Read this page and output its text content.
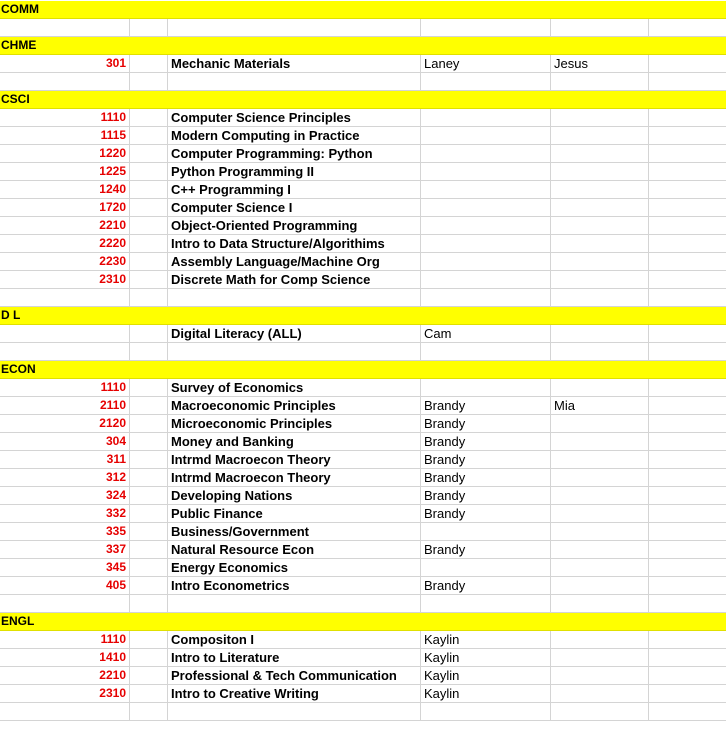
COMM
CHME
301	Mechanic Materials	Laney	Jesus
CSCI
1110	Computer Science Principles
1115	Modern Computing in Practice
1220	Computer Programming: Python
1225	Python Programming II
1240	C++ Programming I
1720	Computer Science I
2210	Object-Oriented Programming
2220	Intro to Data Structure/Algorithims
2230	Assembly Language/Machine Org
2310	Discrete Math for Comp Science
D L
Digital Literacy (ALL)	Cam
ECON
1110	Survey of Economics
2110	Macroeconomic Principles	Brandy	Mia
2120	Microeconomic Principles	Brandy
304	Money and Banking	Brandy
311	Intrmd Macroecon Theory	Brandy
312	Intrmd Macroecon Theory	Brandy
324	Developing Nations	Brandy
332	Public Finance	Brandy
335	Business/Government
337	Natural Resource Econ	Brandy
345	Energy Economics
405	Intro Econometrics	Brandy
ENGL
1110	Compositon I	Kaylin
1410	Intro to Literature	Kaylin
2210	Professional & Tech Communication	Kaylin
2310	Intro to Creative Writing	Kaylin
